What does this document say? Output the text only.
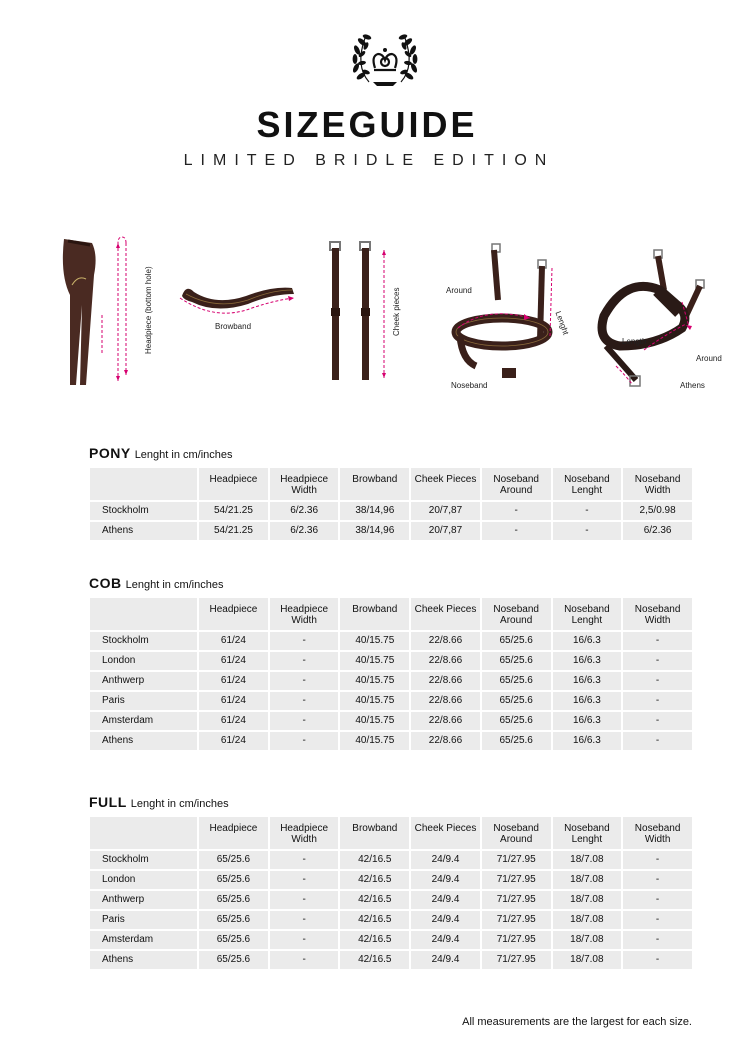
SIZEGUIDE
LIMITED BRIDLE EDITION
Headpiece (bottom hole)	Browband	Cheek pieces	Around
Lenght
Noseband
Length
Around
Athens
PONY Lenght in cm/inches
	Headpiece	Headpiece Width	Browband	Cheek Pieces	Noseband Around	Noseband Lenght	Noseband Width
Stockholm	54/21.25	6/2.36	38/14,96	20/7,87	-	-	2,5/0.98
Athens	54/21.25	6/2.36	38/14,96	20/7,87	-	-	6/2.36
COB Lenght in cm/inches
	Headpiece	Headpiece Width	Browband	Cheek Pieces	Noseband Around	Noseband Lenght	Noseband Width
Stockholm	61/24	-	40/15.75	22/8.66	65/25.6	16/6.3	-
London	61/24	-	40/15.75	22/8.66	65/25.6	16/6.3	-
Anthwerp	61/24	-	40/15.75	22/8.66	65/25.6	16/6.3	-
Paris	61/24	-	40/15.75	22/8.66	65/25.6	16/6.3	-
Amsterdam	61/24	-	40/15.75	22/8.66	65/25.6	16/6.3	-
Athens	61/24	-	40/15.75	22/8.66	65/25.6	16/6.3	-
FULL Lenght in cm/inches
	Headpiece	Headpiece Width	Browband	Cheek Pieces	Noseband Around	Noseband Lenght	Noseband Width
Stockholm	65/25.6	-	42/16.5	24/9.4	71/27.95	18/7.08	-
London	65/25.6	-	42/16.5	24/9.4	71/27.95	18/7.08	-
Anthwerp	65/25.6	-	42/16.5	24/9.4	71/27.95	18/7.08	-
Paris	65/25.6	-	42/16.5	24/9.4	71/27.95	18/7.08	-
Amsterdam	65/25.6	-	42/16.5	24/9.4	71/27.95	18/7.08	-
Athens	65/25.6	-	42/16.5	24/9.4	71/27.95	18/7.08	-
All measurements are the largest for each size.
